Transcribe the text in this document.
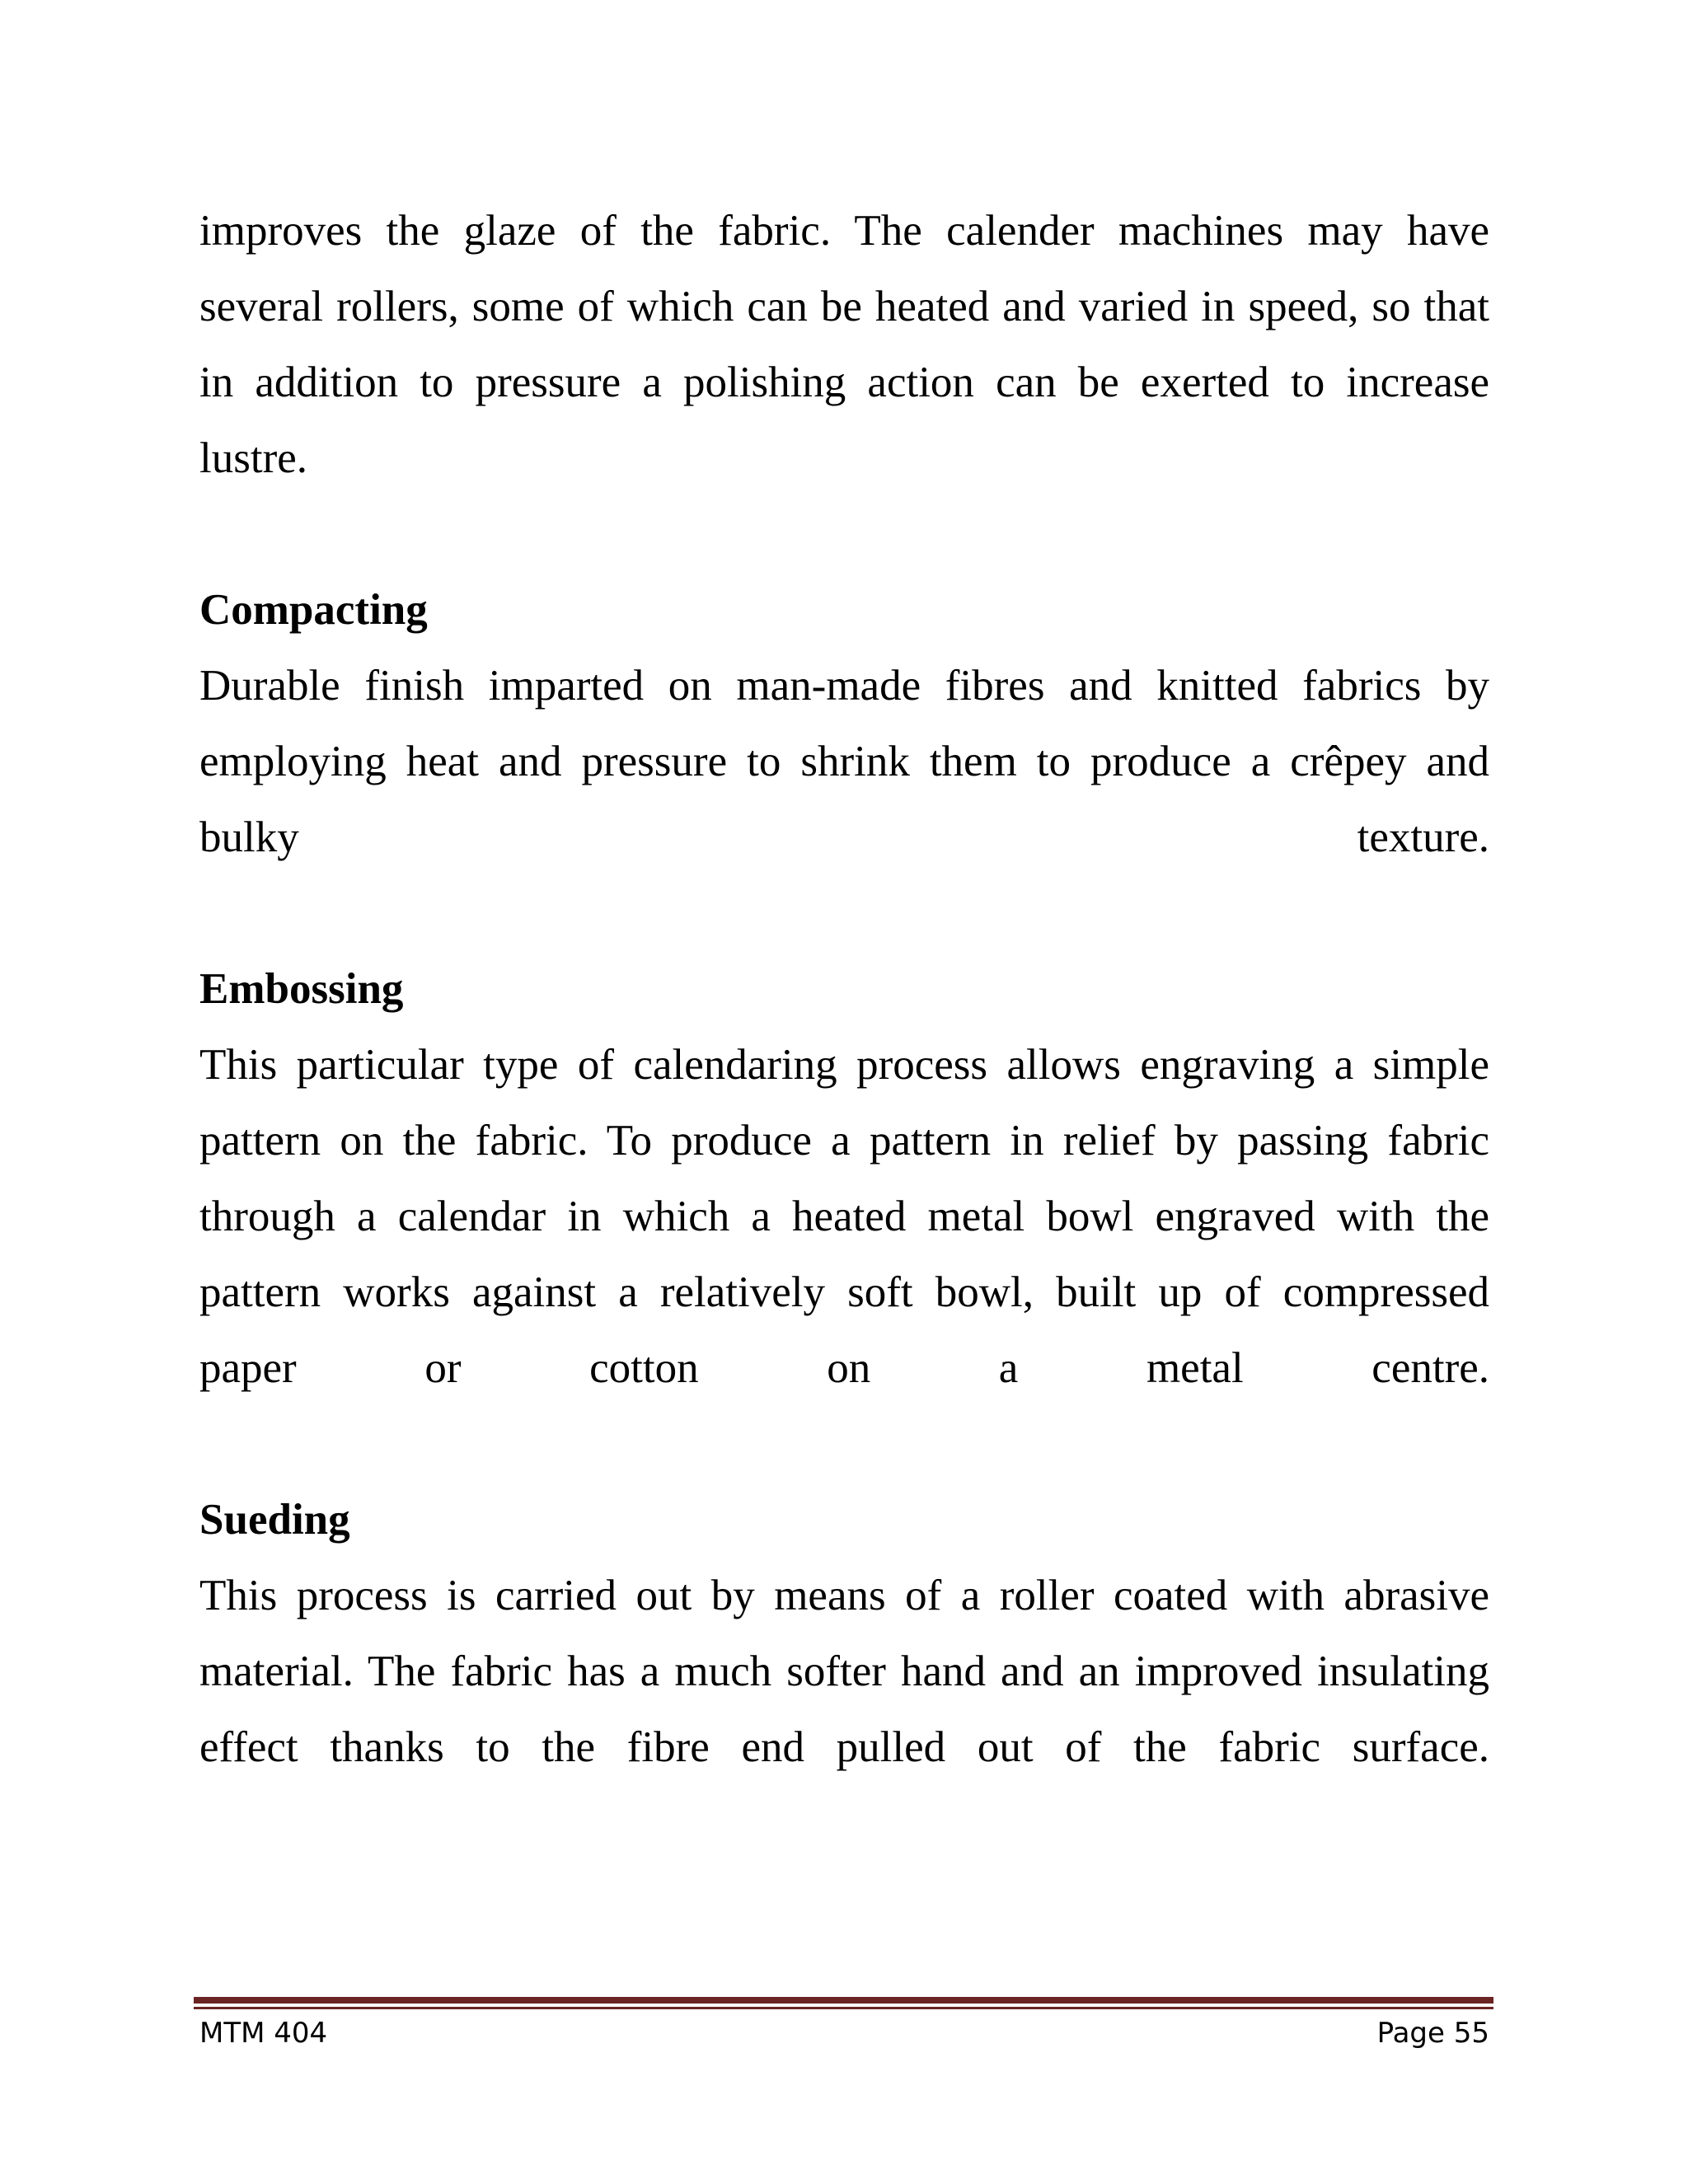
improves the glaze of the fabric. The calender machines may have

several rollers, some of which can be heated and varied in speed, so that

in addition to pressure a polishing action can be exerted to increase

lustre.

Compacting

Durable finish imparted on man-made fibres and knitted fabrics by

employing heat and pressure to shrink them to produce a crêpey and

bulky texture.

Embossing

This particular type of calendaring process allows engraving a simple

pattern on the fabric. To produce a pattern in relief by passing fabric

through a calendar in which a heated metal bowl engraved with the

pattern works against a relatively soft bowl, built up of compressed

paper or cotton on a metal centre.

Sueding

This process is carried out by means of a roller coated with abrasive

material. The fabric has a much softer hand and an improved insulating

effect thanks to the fibre end pulled out of the fabric surface.

MTM 404	Page 55
